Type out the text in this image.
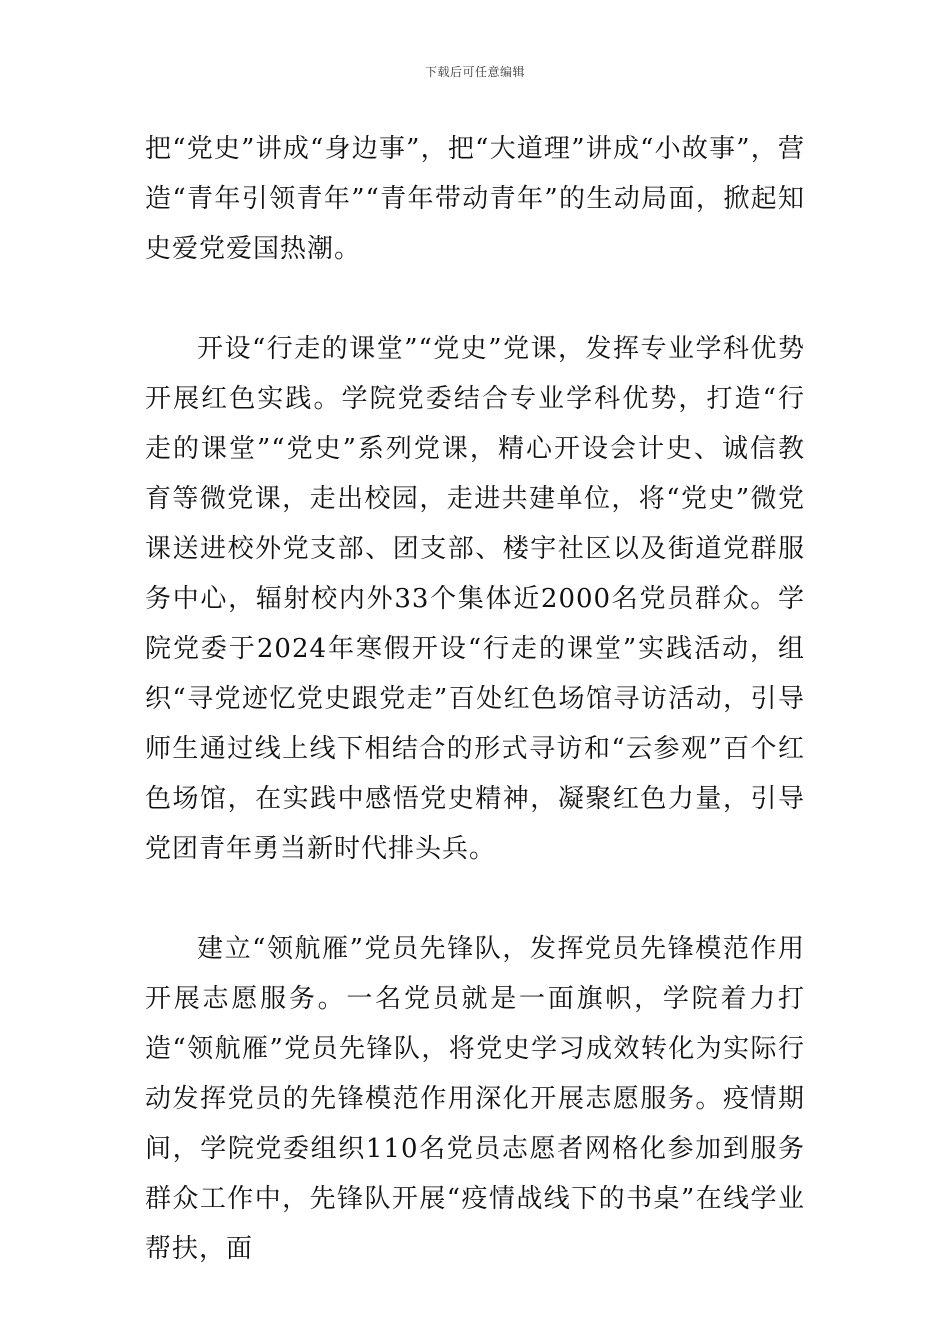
下载后可任意编辑

把“党史”讲成“身边事”，把“大道理”讲成“小故事”，营造“青年引领青年”“青年带动青年”的生动局面，掀起知史爱党爱国热潮。

开设“行走的课堂”“党史”党课，发挥专业学科优势开展红色实践。学院党委结合专业学科优势，打造“行走的课堂”“党史”系列党课，精心开设会计史、诚信教育等微党课，走出校园，走进共建单位，将“党史”微党课送进校外党支部、团支部、楼宇社区以及街道党群服务中心，辐射校内外33个集体近2000名党员群众。学院党委于2024年寒假开设“行走的课堂”实践活动，组织“寻党迹忆党史跟党走”百处红色场馆寻访活动，引导师生通过线上线下相结合的形式寻访和“云参观”百个红色场馆，在实践中感悟党史精神，凝聚红色力量，引导党团青年勇当新时代排头兵。

建立“领航雁”党员先锋队，发挥党员先锋模范作用开展志愿服务。一名党员就是一面旗帜，学院着力打造“领航雁”党员先锋队，将党史学习成效转化为实际行动发挥党员的先锋模范作用深化开展志愿服务。疫情期间，学院党委组织110名党员志愿者网格化参加到服务群众工作中，先锋队开展“疫情战线下的书桌”在线学业帮扶，面
